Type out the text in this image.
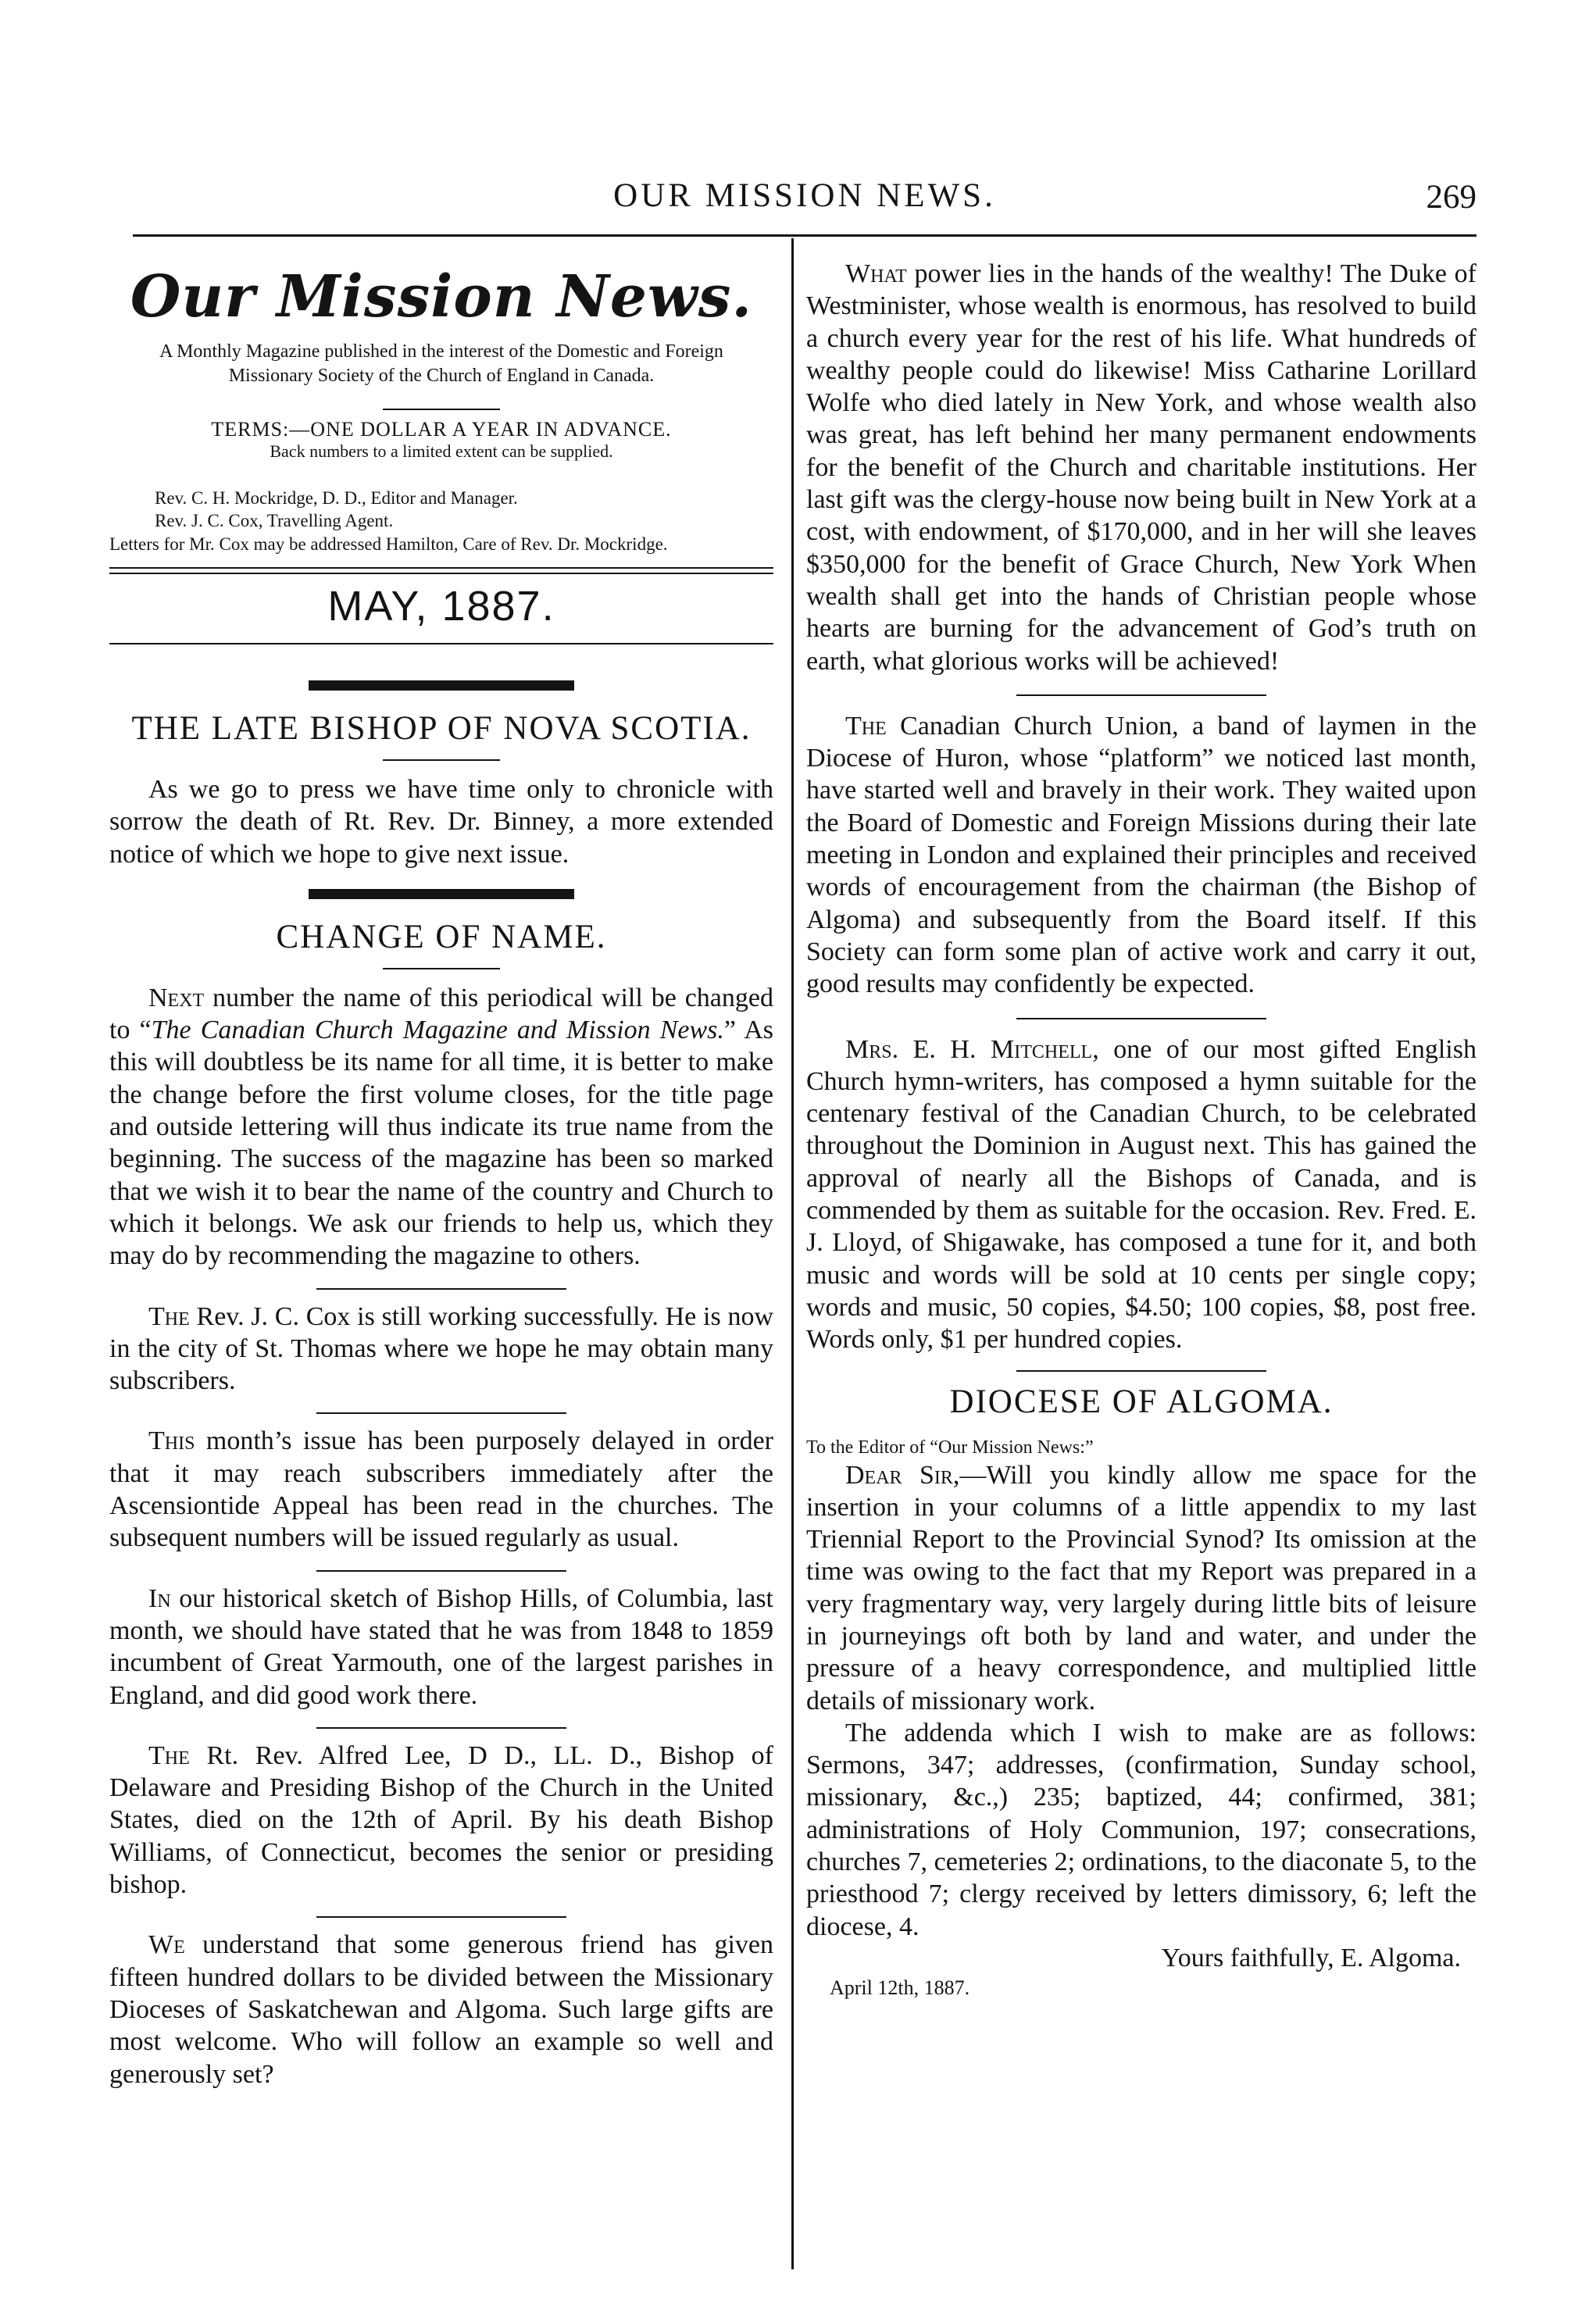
OUR MISSION NEWS.	269
Our Mission News.
A Monthly Magazine published in the interest of the Domestic and Foreign Missionary Society of the Church of England in Canada.
TERMS:—ONE DOLLAR A YEAR IN ADVANCE.
Back numbers to a limited extent can be supplied.
Rev. C. H. Mockridge, D. D., Editor and Manager.
Rev. J. C. Cox, Travelling Agent.
Letters for Mr. Cox may be addressed Hamilton, Care of Rev. Dr. Mockridge.
MAY, 1887.
THE LATE BISHOP OF NOVA SCOTIA.

As we go to press we have time only to chronicle with sorrow the death of Rt. Rev. Dr. Binney, a more extended notice of which we hope to give next issue.

CHANGE OF NAME.

Next number the name of this periodical will be changed to “The Canadian Church Magazine and Mission News.” As this will doubtless be its name for all time, it is better to make the change before the first volume closes, for the title page and outside lettering will thus indicate its true name from the beginning. The success of the magazine has been so marked that we wish it to bear the name of the country and Church to which it belongs. We ask our friends to help us, which they may do by recommending the magazine to others.

The Rev. J. C. Cox is still working successfully. He is now in the city of St. Thomas where we hope he may obtain many subscribers.

This month’s issue has been purposely delayed in order that it may reach subscribers immediately after the Ascensiontide Appeal has been read in the churches. The subsequent numbers will be issued regularly as usual.

In our historical sketch of Bishop Hills, of Columbia, last month, we should have stated that he was from 1848 to 1859 incumbent of Great Yarmouth, one of the largest parishes in England, and did good work there.

The Rt. Rev. Alfred Lee, D D., LL. D., Bishop of Delaware and Presiding Bishop of the Church in the United States, died on the 12th of April. By his death Bishop Williams, of Connecticut, becomes the senior or presiding bishop.

We understand that some generous friend has given fifteen hundred dollars to be divided between the Missionary Dioceses of Saskatchewan and Algoma. Such large gifts are most welcome. Who will follow an example so well and generously set?

What power lies in the hands of the wealthy! The Duke of Westminister, whose wealth is enormous, has resolved to build a church every year for the rest of his life. What hundreds of wealthy people could do likewise! Miss Catharine Lorillard Wolfe who died lately in New York, and whose wealth also was great, has left behind her many permanent endowments for the benefit of the Church and charitable institutions. Her last gift was the clergy-house now being built in New York at a cost, with endowment, of $170,000, and in her will she leaves $350,000 for the benefit of Grace Church, New York When wealth shall get into the hands of Christian people whose hearts are burning for the advancement of God’s truth on earth, what glorious works will be achieved!

The Canadian Church Union, a band of laymen in the Diocese of Huron, whose “platform” we noticed last month, have started well and bravely in their work. They waited upon the Board of Domestic and Foreign Missions during their late meeting in London and explained their principles and received words of encouragement from the chairman (the Bishop of Algoma) and subsequently from the Board itself. If this Society can form some plan of active work and carry it out, good results may confidently be expected.

Mrs. E. H. Mitchell, one of our most gifted English Church hymn-writers, has composed a hymn suitable for the centenary festival of the Canadian Church, to be celebrated throughout the Dominion in August next. This has gained the approval of nearly all the Bishops of Canada, and is commended by them as suitable for the occasion. Rev. Fred. E. J. Lloyd, of Shigawake, has composed a tune for it, and both music and words will be sold at 10 cents per single copy; words and music, 50 copies, $4.50; 100 copies, $8, post free. Words only, $1 per hundred copies.

DIOCESE OF ALGOMA.
To the Editor of “Our Mission News:”

Dear Sir,—Will you kindly allow me space for the insertion in your columns of a little appendix to my last Triennial Report to the Provincial Synod? Its omission at the time was owing to the fact that my Report was prepared in a very fragmentary way, very largely during little bits of leisure in journeyings oft both by land and water, and under the pressure of a heavy correspondence, and multiplied little details of missionary work.

The addenda which I wish to make are as follows: Sermons, 347; addresses, (confirmation, Sunday school, missionary, &c.,) 235; baptized, 44; confirmed, 381; administrations of Holy Communion, 197; consecrations, churches 7, cemeteries 2; ordinations, to the diaconate 5, to the priesthood 7; clergy received by letters dimissory, 6; left the diocese, 4.

Yours faithfully, E. Algoma.
April 12th, 1887.
